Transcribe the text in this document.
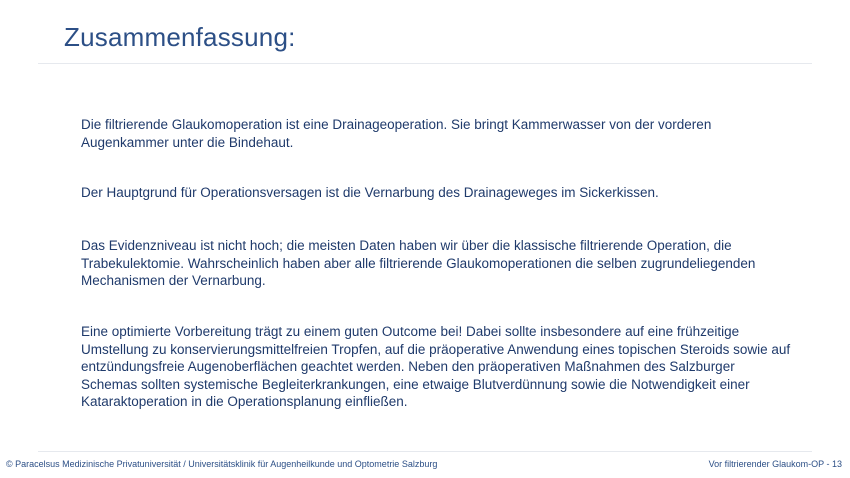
Zusammenfassung:

Die filtrierende Glaukomoperation ist eine Drainageoperation. Sie bringt Kammerwasser von der vorderen Augenkammer unter die Bindehaut.

Der Hauptgrund für Operationsversagen ist die Vernarbung des Drainageweges im Sickerkissen.

Das Evidenzniveau ist nicht hoch; die meisten Daten haben wir über die klassische filtrierende Operation, die Trabekulektomie. Wahrscheinlich haben aber alle filtrierende Glaukomoperationen die selben zugrundeliegenden Mechanismen der Vernarbung.

Eine optimierte Vorbereitung trägt zu einem guten Outcome bei! Dabei sollte insbesondere auf eine frühzeitige Umstellung zu konservierungsmittelfreien Tropfen, auf die präoperative Anwendung eines topischen Steroids sowie auf entzündungsfreie Augenoberflächen geachtet werden. Neben den präoperativen Maßnahmen des Salzburger Schemas sollten systemische Begleiterkrankungen, eine etwaige Blutverdünnung sowie die Notwendigkeit einer Kataraktoperation in die Operationsplanung einfließen.

© Paracelsus Medizinische Privatuniversität / Universitätsklinik für Augenheilkunde und Optometrie Salzburg	Vor filtrierender Glaukom-OP - 13
